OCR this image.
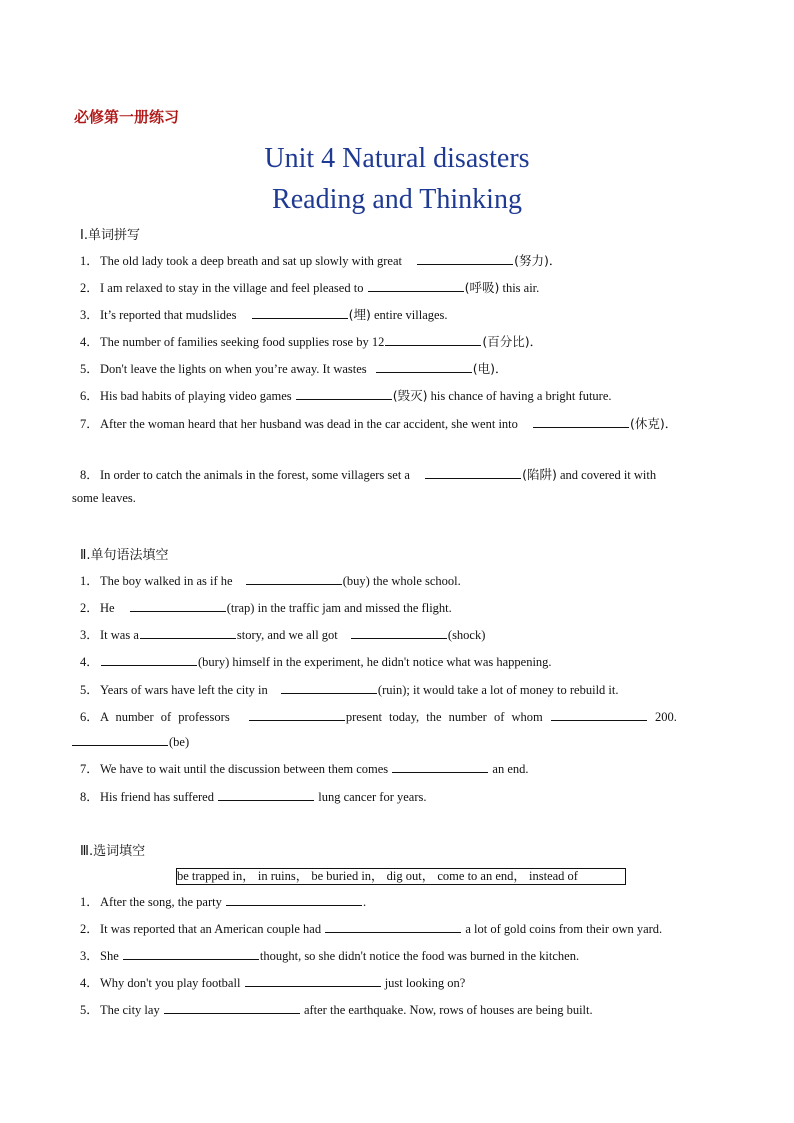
必修第一册练习
Unit 4 Natural disasters
Reading and Thinking
Ⅰ.单词拼写
1．The old lady took a deep breath and sat up slowly with great	(努力)．
2．I am relaxed to stay in the village and feel pleased to	(呼吸) this air.
3．It’s reported that mudslides	(埋) entire villages.
4．The number of families seeking food supplies rose by 12	(百分比)．
5．Don't leave the lights on when you’re away. It wastes	(电)．
6．His bad habits of playing video games	(毁灭) his chance of having a bright future.
7．After the woman heard that her husband was dead in the car accident, she went into	(休克)．
8．In order to catch the animals in the forest, some villagers set a	(陷阱) and covered it with
some leaves.
Ⅱ.单句语法填空
1．The boy walked in as if he	(buy) the whole school.
2．He	(trap) in the traffic jam and missed the flight.
3．It was a	story, and we all got	(shock)
4．	(bury) himself in the experiment, he didn't notice what was happening.
5．Years of wars have left the city in	(ruin); it would take a lot of money to rebuild it.
6．A number of professors	present today, the number of whom	200.
(be)
7．We have to wait until the discussion between them comes	an end.
8．His friend has suffered	lung cancer for years.
Ⅲ.选词填空
be trapped in， in ruins， be buried in， dig out， come to an end， instead of
1．After the song, the party	.
2．It was reported that an American couple had	a lot of gold coins from their own yard.
3．She	thought, so she didn't notice the food was burned in the kitchen.
4．Why don't you play football	just looking on?
5．The city lay	after the earthquake. Now, rows of houses are being built.
